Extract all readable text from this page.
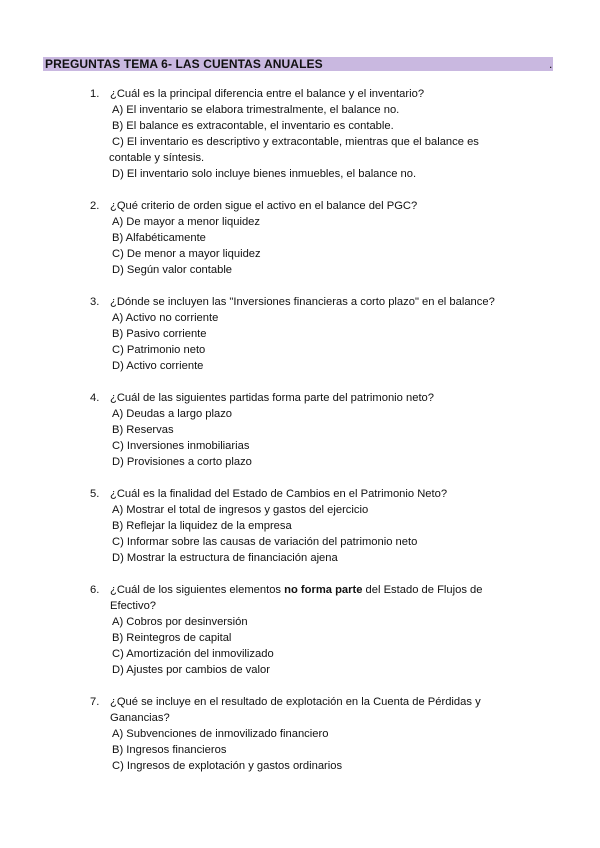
PREGUNTAS TEMA 6- LAS CUENTAS ANUALES	.
1. ¿Cuál es la principal diferencia entre el balance y el inventario?
A) El inventario se elabora trimestralmente, el balance no.
B) El balance es extracontable, el inventario es contable.
C) El inventario es descriptivo y extracontable, mientras que el balance es
contable y síntesis.
D) El inventario solo incluye bienes inmuebles, el balance no.
2. ¿Qué criterio de orden sigue el activo en el balance del PGC?
A) De mayor a menor liquidez
B) Alfabéticamente
C) De menor a mayor liquidez
D) Según valor contable
3. ¿Dónde se incluyen las "Inversiones financieras a corto plazo" en el balance?
A) Activo no corriente
B) Pasivo corriente
C) Patrimonio neto
D) Activo corriente
4. ¿Cuál de las siguientes partidas forma parte del patrimonio neto?
A) Deudas a largo plazo
B) Reservas
C) Inversiones inmobiliarias
D) Provisiones a corto plazo
5. ¿Cuál es la finalidad del Estado de Cambios en el Patrimonio Neto?
A) Mostrar el total de ingresos y gastos del ejercicio
B) Reflejar la liquidez de la empresa
C) Informar sobre las causas de variación del patrimonio neto
D) Mostrar la estructura de financiación ajena
6. ¿Cuál de los siguientes elementos no forma parte del Estado de Flujos de
Efectivo?
A) Cobros por desinversión
B) Reintegros de capital
C) Amortización del inmovilizado
D) Ajustes por cambios de valor
7. ¿Qué se incluye en el resultado de explotación en la Cuenta de Pérdidas y
Ganancias?
A) Subvenciones de inmovilizado financiero
B) Ingresos financieros
C) Ingresos de explotación y gastos ordinarios
